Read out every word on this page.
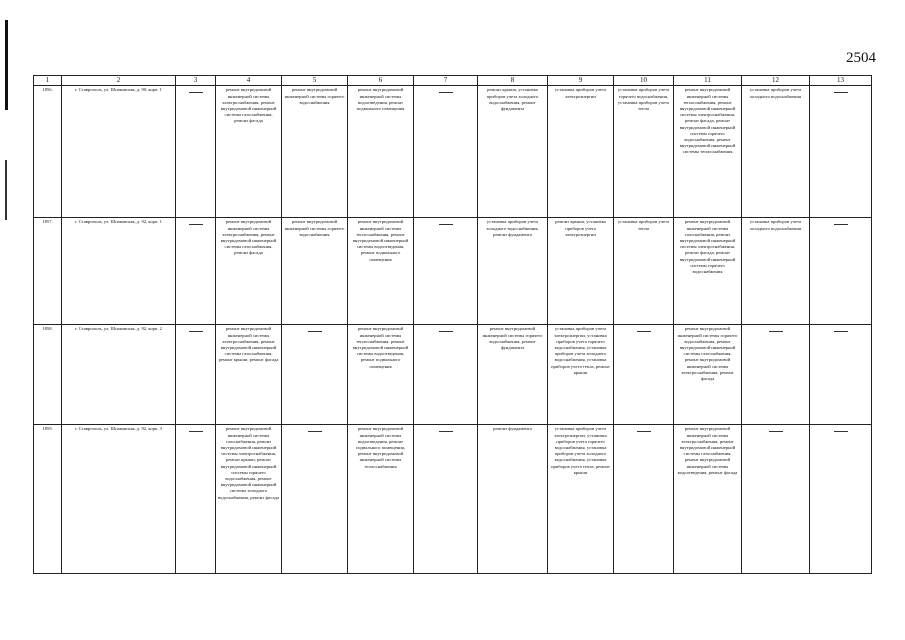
2504
1	2	3	4	5	6	7	8	9	10	11	12	13
1856.	г. Ставрополь, ул. Шпаковская, д. 90, корп. 1		ремонт внутридомовой инженерной системы электроснабжения, ремонт внутридомовой инженерной системы газоснабжения, ремонт фасада	ремонт внутридомовой инженерной системы горячего водоснабжения	ремонт внутридомовой инженерной системы водоотведения, ремонт подвального помещения		ремонт крыши, установка приборов учета холодного водоснабжения, ремонт фундамента	установка приборов учета электроэнергии	установка приборов учета горячего водоснабжения, установка приборов учета тепла	ремонт внутридомовой инженерной системы теплоснабжения, ремонт внутридомовой инженерной системы электроснабжения, ремонт фасада, ремонт внутридомовой инженерной системы горячего водоснабжения, ремонт внутридомовой инженерной системы теплоснабжения	установка приборов учета холодного водоснабжения	

1857.	г. Ставрополь, ул. Шпаковская, д. 92, корп. 1		ремонт внутридомовой инженерной системы электроснабжения, ремонт внутридомовой инженерной системы газоснабжения, ремонт фасада	ремонт внутридомовой инженерной системы горячего водоснабжения	ремонт внутридомовой инженерной системы теплоснабжения, ремонт внутридомовой инженерной системы водоотведения, ремонт подвального помещения		установка приборов учета холодного водоснабжения, ремонт фундамента	ремонт крыши, установка приборов учета электроэнергии	установка приборов учета тепла	ремонт внутридомовой инженерной системы газоснабжения, ремонт внутридомовой инженерной системы электроснабжения, ремонт фасада, ремонт внутридомовой инженерной системы горячего водоснабжения	установка приборов учета холодного водоснабжения	

1858.	г. Ставрополь, ул. Шпаковская, д. 92, корп. 2		ремонт внутридомовой инженерной системы электроснабжения, ремонт внутридомовой инженерной системы газоснабжения, ремонт крыши, ремонт фасада		ремонт внутридомовой инженерной системы теплоснабжения, ремонт внутридомовой инженерной системы водоотведения, ремонт подвального помещения		ремонт внутридомовой инженерной системы горячего водоснабжения, ремонт фундамента	установка приборов учета электроэнергии, установка приборов учета горячего водоснабжения, установка приборов учета холодного водоснабжения, установка приборов учета тепла, ремонт крыши		ремонт внутридомовой инженерной системы горячего водоснабжения, ремонт внутридомовой инженерной системы газоснабжения, ремонт внутридомовой инженерной системы электроснабжения, ремонт фасада	

1859.	г. Ставрополь, ул. Шпаковская, д. 92, корп. 3		ремонт внутридомовой инженерной системы газоснабжения, ремонт внутридомовой инженерной системы электроснабжения, ремонт крыши, ремонт внутридомовой инженерной системы горячего водоснабжения, ремонт внутридомовой инженерной системы холодного водоснабжения, ремонт фасада		ремонт внутридомовой инженерной системы водоотведения, ремонт подвального помещения, ремонт внутридомовой инженерной системы теплоснабжения		ремонт фундамента	установка приборов учета электроэнергии, установка приборов учета горячего водоснабжения, установка приборов учета холодного водоснабжения, установка приборов учета тепла, ремонт крыши		ремонт внутридомовой инженерной системы электроснабжения, ремонт внутридомовой инженерной системы газоснабжения, ремонт внутридомовой инженерной системы водоотведения, ремонт фасада	
